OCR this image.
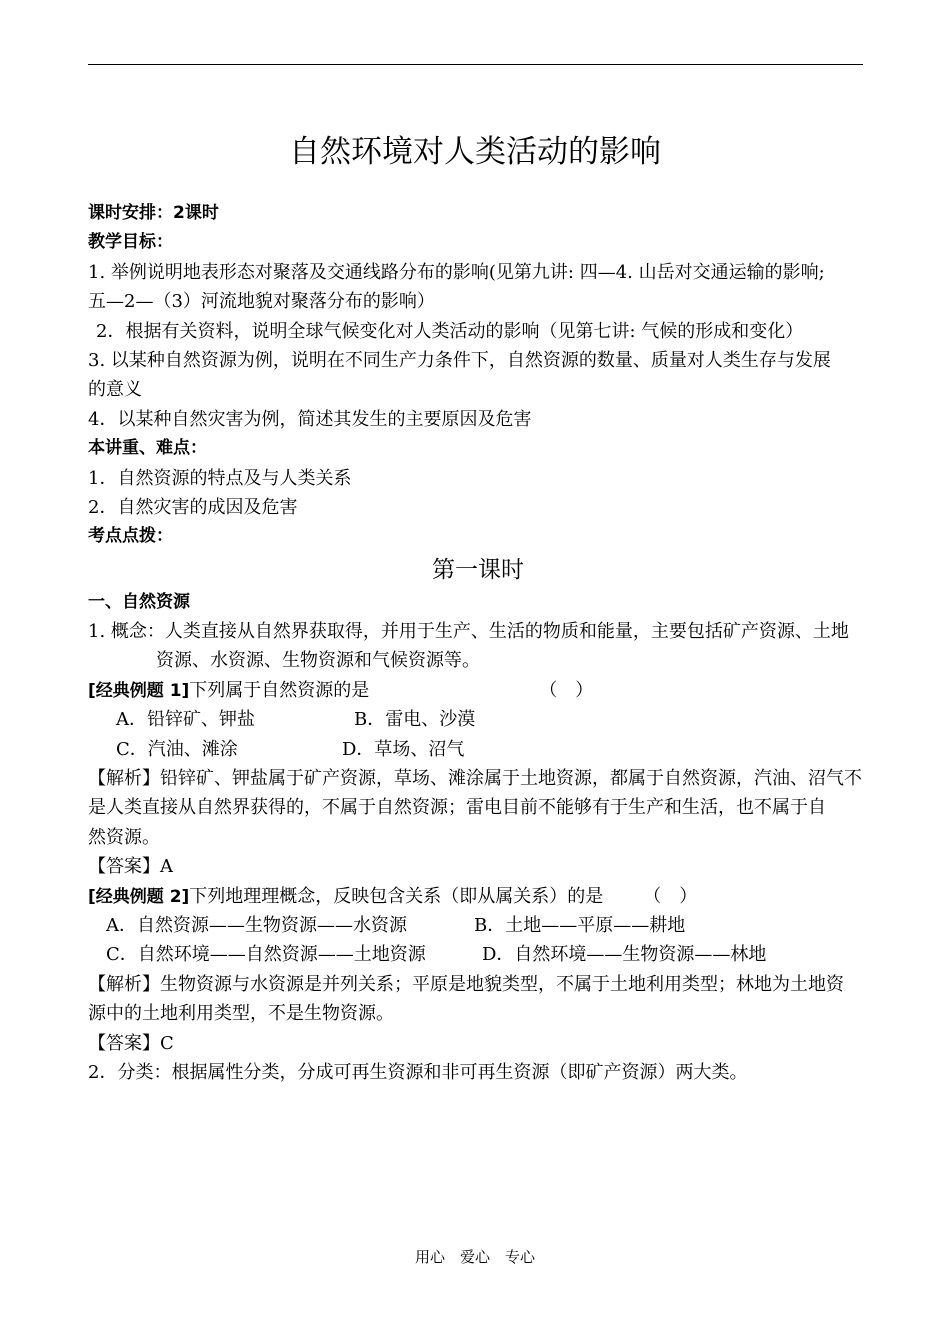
自然环境对人类活动的影响
课时安排：2课时
教学目标：
1. 举例说明地表形态对聚落及交通线路分布的影响(见第九讲: 四—4. 山岳对交通运输的影响;
五—2—（3）河流地貌对聚落分布的影响）
2．根据有关资料，说明全球气候变化对人类活动的影响（见第七讲: 气候的形成和变化）
3. 以某种自然资源为例，说明在不同生产力条件下，自然资源的数量、质量对人类生存与发展
的意义
4．以某种自然灾害为例，简述其发生的主要原因及危害
本讲重、难点：
1．自然资源的特点及与人类关系
2．自然灾害的成因及危害
考点点拨：
第一课时
一、自然资源
1. 概念：人类直接从自然界获取得，并用于生产、生活的物质和能量，主要包括矿产资源、土地
资源、水资源、生物资源和气候资源等。
[经典例题 1]下列属于自然资源的是	（　）
A．铅锌矿、钾盐	B．雷电、沙漠
C．汽油、滩涂	D．草场、沼气
【解析】铅锌矿、钾盐属于矿产资源，草场、滩涂属于土地资源，都属于自然资源，汽油、沼气不
是人类直接从自然界获得的，不属于自然资源；雷电目前不能够有于生产和生活，也不属于自
然资源。
【答案】A
[经典例题 2]下列地理理概念，反映包含关系（即从属关系）的是 （　）
A．自然资源——生物资源——水资源	B．土地——平原——耕地
C．自然环境——自然资源——土地资源	D．自然环境——生物资源——林地
【解析】生物资源与水资源是并列关系；平原是地貌类型，不属于土地利用类型；林地为土地资
源中的土地利用类型，不是生物资源。
【答案】C
2．分类：根据属性分类，分成可再生资源和非可再生资源（即矿产资源）两大类。
用心　爱心　专心
